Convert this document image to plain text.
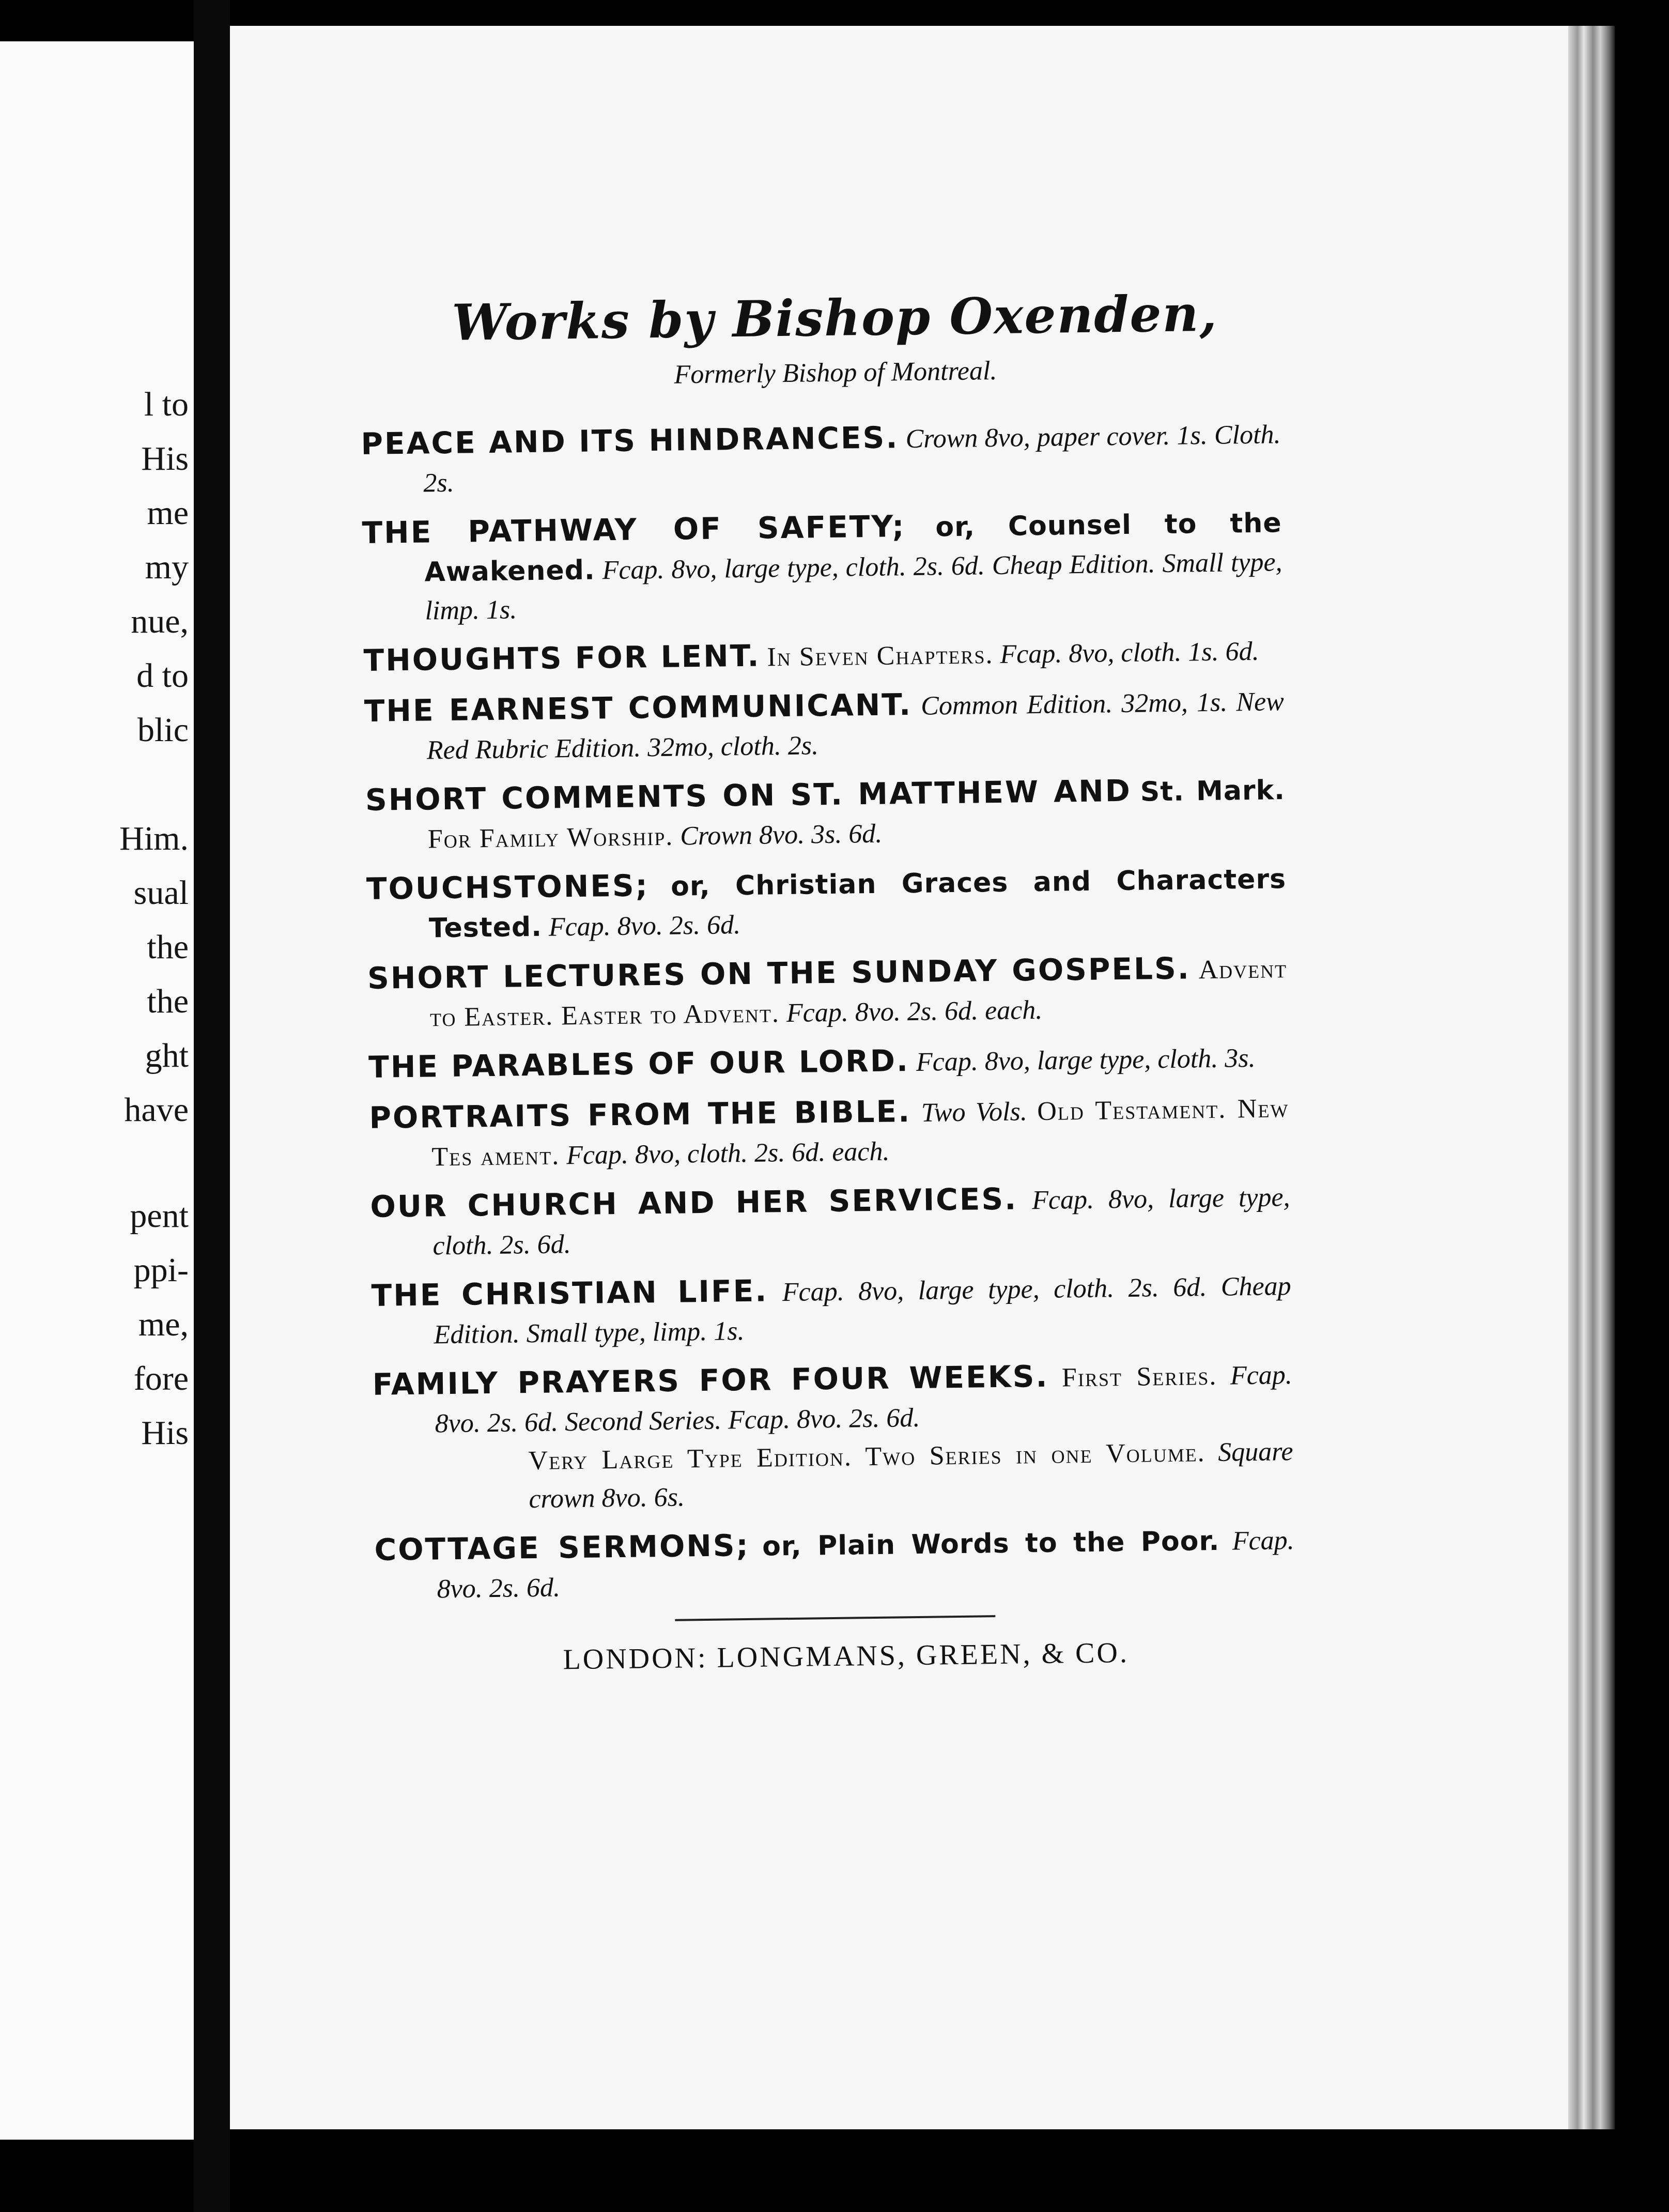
l to
His
me
my
nue,
d to
blic
Him.
sual
the
the
ght
have
pent
ppi-
me,
fore
His
Works by Bishop Oxenden,
Formerly Bishop of Montreal.
PEACE AND ITS HINDRANCES. Crown 8vo, paper cover. 1s. Cloth. 2s.
THE PATHWAY OF SAFETY; or, Counsel to the Awakened. Fcap. 8vo, large type, cloth. 2s. 6d. Cheap Edition. Small type, limp. 1s.
THOUGHTS FOR LENT. In Seven Chapters. Fcap. 8vo, cloth. 1s. 6d.
THE EARNEST COMMUNICANT. Common Edition. 32mo, 1s. New Red Rubric Edition. 32mo, cloth. 2s.
SHORT COMMENTS ON ST. MATTHEW AND St. Mark. For Family Worship. Crown 8vo. 3s. 6d.
TOUCHSTONES; or, Christian Graces and Characters Tested. Fcap. 8vo. 2s. 6d.
SHORT LECTURES ON THE SUNDAY GOSPELS. Advent to Easter. Easter to Advent. Fcap. 8vo. 2s. 6d. each.
THE PARABLES OF OUR LORD. Fcap. 8vo, large type, cloth. 3s.
PORTRAITS FROM THE BIBLE. Two Vols. Old Testament. New Tes ament. Fcap. 8vo, cloth. 2s. 6d. each.
OUR CHURCH AND HER SERVICES. Fcap. 8vo, large type, cloth. 2s. 6d.
THE CHRISTIAN LIFE. Fcap. 8vo, large type, cloth. 2s. 6d. Cheap Edition. Small type, limp. 1s.
FAMILY PRAYERS FOR FOUR WEEKS. First Series. Fcap. 8vo. 2s. 6d. Second Series. Fcap. 8vo. 2s. 6d.
Very Large Type Edition. Two Series in one Volume. Square crown 8vo. 6s.
COTTAGE SERMONS; or, Plain Words to the Poor. Fcap. 8vo. 2s. 6d.
LONDON: LONGMANS, GREEN, & CO.
